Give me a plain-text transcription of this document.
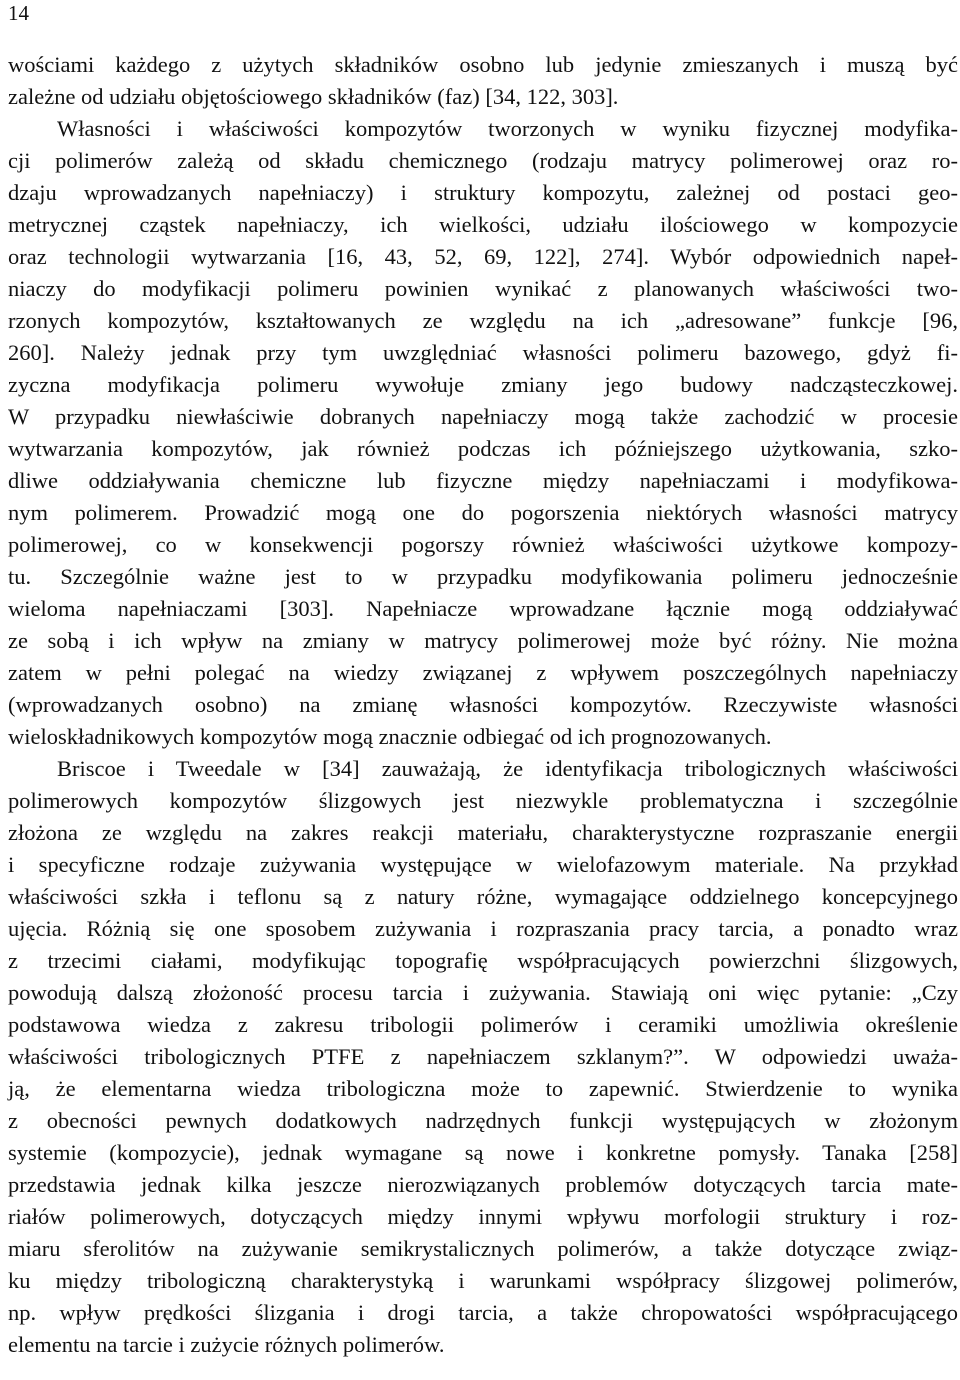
14
wościami każdego z użytych składników osobno lub jedynie zmieszanych i muszą być
zależne od udziału objętościowego składników (faz) [34, 122, 303].
Własności i właściwości kompozytów tworzonych w wyniku fizycznej modyfika-
cji polimerów zależą od składu chemicznego (rodzaju matrycy polimerowej oraz ro-
dzaju wprowadzanych napełniaczy) i struktury kompozytu, zależnej od postaci geo-
metrycznej cząstek napełniaczy, ich wielkości, udziału ilościowego w kompozycie
oraz technologii wytwarzania [16, 43, 52, 69, 122], 274]. Wybór odpowiednich napeł-
niaczy do modyfikacji polimeru powinien wynikać z planowanych właściwości two-
rzonych kompozytów, kształtowanych ze względu na ich „adresowane” funkcje [96,
260]. Należy jednak przy tym uwzględniać własności polimeru bazowego, gdyż fi-
zyczna modyfikacja polimeru wywołuje zmiany jego budowy nadcząsteczkowej.
W przypadku niewłaściwie dobranych napełniaczy mogą także zachodzić w procesie
wytwarzania kompozytów, jak również podczas ich późniejszego użytkowania, szko-
dliwe oddziaływania chemiczne lub fizyczne między napełniaczami i modyfikowa-
nym polimerem. Prowadzić mogą one do pogorszenia niektórych własności matrycy
polimerowej, co w konsekwencji pogorszy również właściwości użytkowe kompozy-
tu. Szczególnie ważne jest to w przypadku modyfikowania polimeru jednocześnie
wieloma napełniaczami [303]. Napełniacze wprowadzane łącznie mogą oddziaływać
ze sobą i ich wpływ na zmiany w matrycy polimerowej może być różny. Nie można
zatem w pełni polegać na wiedzy związanej z wpływem poszczególnych napełniaczy
(wprowadzanych osobno) na zmianę własności kompozytów. Rzeczywiste własności
wieloskładnikowych kompozytów mogą znacznie odbiegać od ich prognozowanych.
Briscoe i Tweedale w [34] zauważają, że identyfikacja tribologicznych właściwości
polimerowych kompozytów ślizgowych jest niezwykle problematyczna i szczególnie
złożona ze względu na zakres reakcji materiału, charakterystyczne rozpraszanie energii
i specyficzne rodzaje zużywania występujące w wielofazowym materiale. Na przykład
właściwości szkła i teflonu są z natury różne, wymagające oddzielnego koncepcyjnego
ujęcia. Różnią się one sposobem zużywania i rozpraszania pracy tarcia, a ponadto wraz
z trzecimi ciałami, modyfikując topografię współpracujących powierzchni ślizgowych,
powodują dalszą złożoność procesu tarcia i zużywania. Stawiają oni więc pytanie: „Czy
podstawowa wiedza z zakresu tribologii polimerów i ceramiki umożliwia określenie
właściwości tribologicznych PTFE z napełniaczem szklanym?”. W odpowiedzi uważa-
ją, że elementarna wiedza tribologiczna może to zapewnić. Stwierdzenie to wynika
z obecności pewnych dodatkowych nadrzędnych funkcji występujących w złożonym
systemie (kompozycie), jednak wymagane są nowe i konkretne pomysły. Tanaka [258]
przedstawia jednak kilka jeszcze nierozwiązanych problemów dotyczących tarcia mate-
riałów polimerowych, dotyczących między innymi wpływu morfologii struktury i roz-
miaru sferolitów na zużywanie semikrystalicznych polimerów, a także dotyczące związ-
ku między tribologiczną charakterystyką i warunkami współpracy ślizgowej polimerów,
np. wpływ prędkości ślizgania i drogi tarcia, a także chropowatości współpracującego
elementu na tarcie i zużycie różnych polimerów.
